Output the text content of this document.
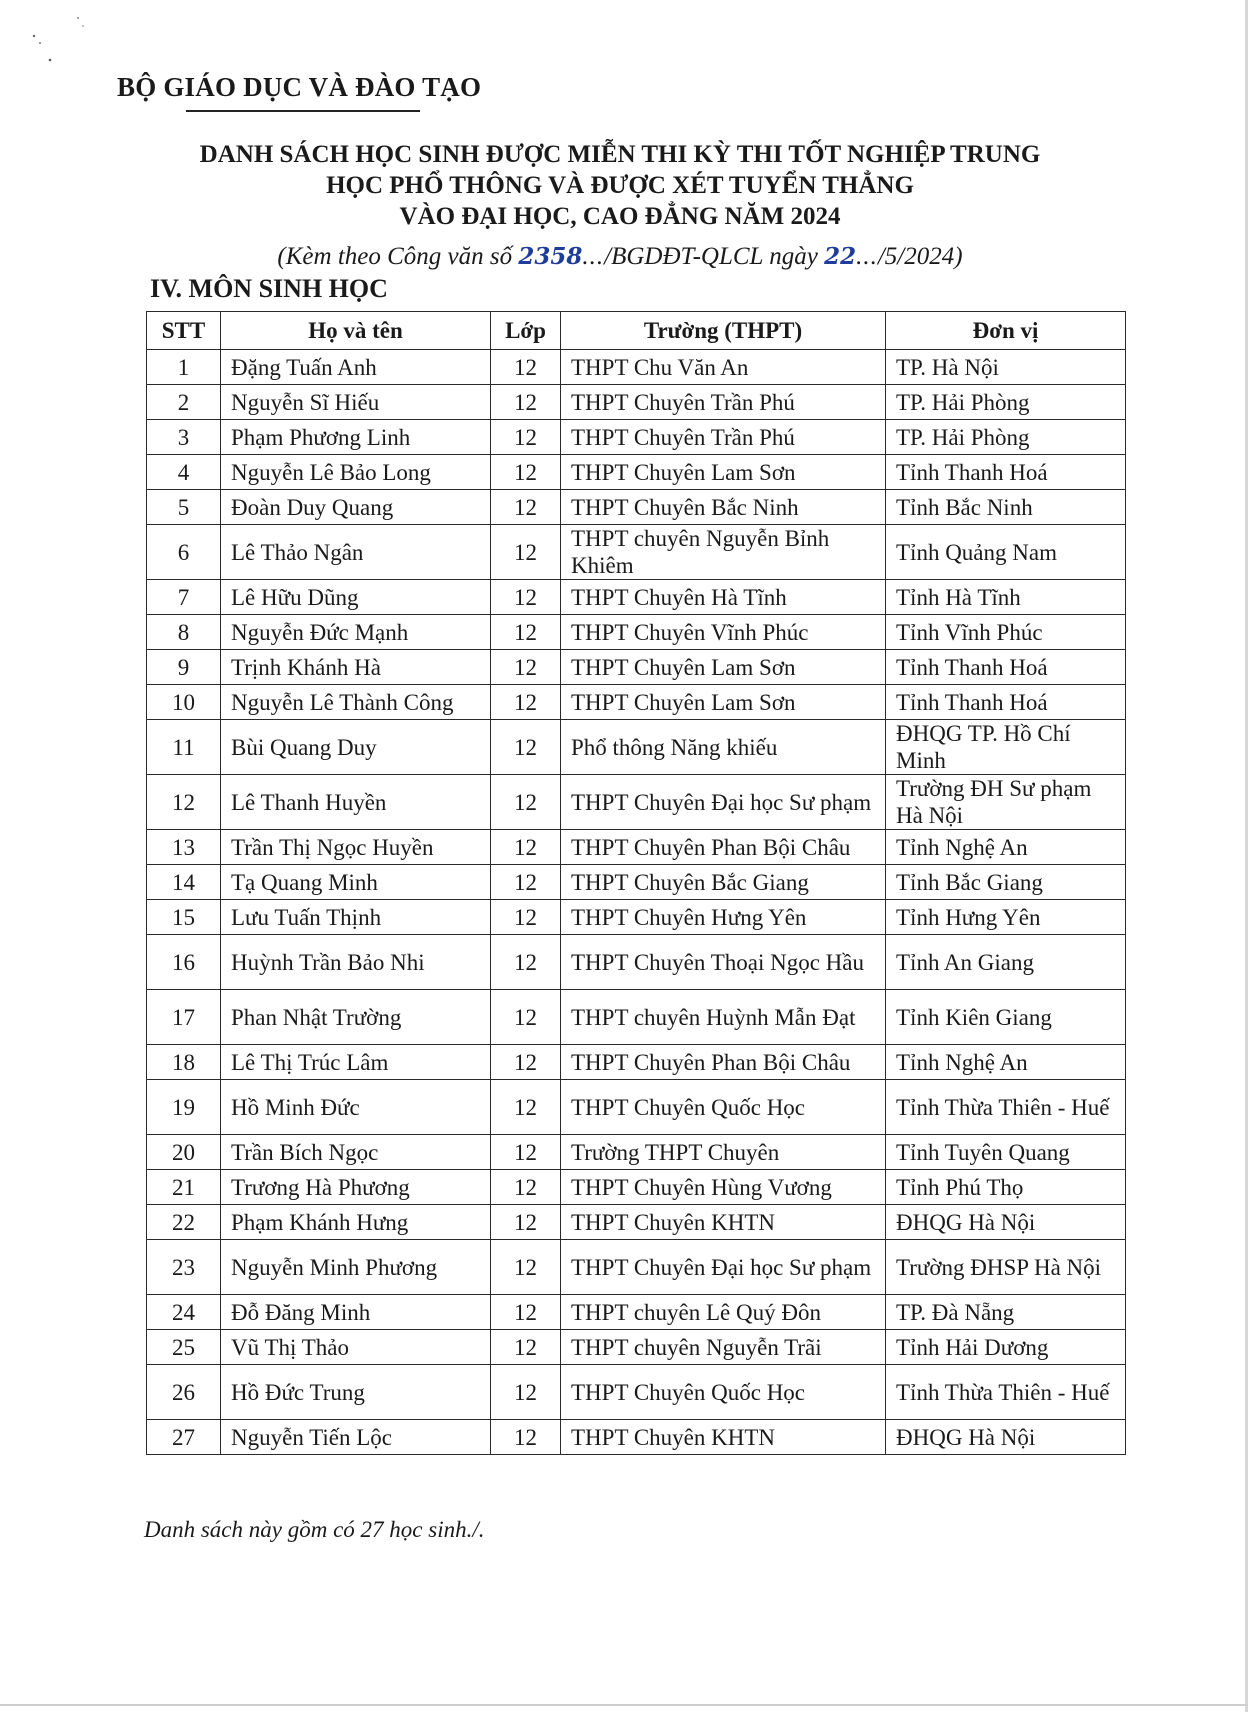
BỘ GIÁO DỤC VÀ ĐÀO TẠO
DANH SÁCH HỌC SINH ĐƯỢC MIỄN THI KỲ THI TỐT NGHIỆP TRUNG
HỌC PHỔ THÔNG VÀ ĐƯỢC XÉT TUYỂN THẲNG
VÀO ĐẠI HỌC, CAO ĐẲNG NĂM 2024
(Kèm theo Công văn số 2358.../BGDĐT-QLCL ngày 22.../5/2024)
IV. MÔN SINH HỌC
STT	Họ và tên	Lớp	Trường (THPT)	Đơn vị
1	Đặng Tuấn Anh	12	THPT Chu Văn An	TP. Hà Nội
2	Nguyễn Sĩ Hiếu	12	THPT Chuyên Trần Phú	TP. Hải Phòng
3	Phạm Phương Linh	12	THPT Chuyên Trần Phú	TP. Hải Phòng
4	Nguyễn Lê Bảo Long	12	THPT Chuyên Lam Sơn	Tỉnh Thanh Hoá
5	Đoàn Duy Quang	12	THPT Chuyên Bắc Ninh	Tỉnh Bắc Ninh
6	Lê Thảo Ngân	12	THPT chuyên Nguyễn Bỉnh Khiêm	Tỉnh Quảng Nam
7	Lê Hữu Dũng	12	THPT Chuyên Hà Tĩnh	Tỉnh Hà Tĩnh
8	Nguyễn Đức Mạnh	12	THPT Chuyên Vĩnh Phúc	Tỉnh Vĩnh Phúc
9	Trịnh Khánh Hà	12	THPT Chuyên Lam Sơn	Tỉnh Thanh Hoá
10	Nguyễn Lê Thành Công	12	THPT Chuyên Lam Sơn	Tỉnh Thanh Hoá
11	Bùi Quang Duy	12	Phổ thông Năng khiếu	ĐHQG TP. Hồ Chí Minh
12	Lê Thanh Huyền	12	THPT Chuyên Đại học Sư phạm	Trường ĐH Sư phạm Hà Nội
13	Trần Thị Ngọc Huyền	12	THPT Chuyên Phan Bội Châu	Tỉnh Nghệ An
14	Tạ Quang Minh	12	THPT Chuyên Bắc Giang	Tỉnh Bắc Giang
15	Lưu Tuấn Thịnh	12	THPT Chuyên Hưng Yên	Tỉnh Hưng Yên
16	Huỳnh Trần Bảo Nhi	12	THPT Chuyên Thoại Ngọc Hầu	Tỉnh An Giang
17	Phan Nhật Trường	12	THPT chuyên Huỳnh Mẫn Đạt	Tỉnh Kiên Giang
18	Lê Thị Trúc Lâm	12	THPT Chuyên Phan Bội Châu	Tỉnh Nghệ An
19	Hồ Minh Đức	12	THPT Chuyên Quốc Học	Tỉnh Thừa Thiên - Huế
20	Trần Bích Ngọc	12	Trường THPT Chuyên	Tỉnh Tuyên Quang
21	Trương Hà Phương	12	THPT Chuyên Hùng Vương	Tỉnh Phú Thọ
22	Phạm Khánh Hưng	12	THPT Chuyên KHTN	ĐHQG Hà Nội
23	Nguyễn Minh Phương	12	THPT Chuyên Đại học Sư phạm	Trường ĐHSP Hà Nội
24	Đỗ Đăng Minh	12	THPT chuyên Lê Quý Đôn	TP. Đà Nẵng
25	Vũ Thị Thảo	12	THPT chuyên Nguyễn Trãi	Tỉnh Hải Dương
26	Hồ Đức Trung	12	THPT Chuyên Quốc Học	Tỉnh Thừa Thiên - Huế
27	Nguyễn Tiến Lộc	12	THPT Chuyên KHTN	ĐHQG Hà Nội
Danh sách này gồm có 27 học sinh./.
